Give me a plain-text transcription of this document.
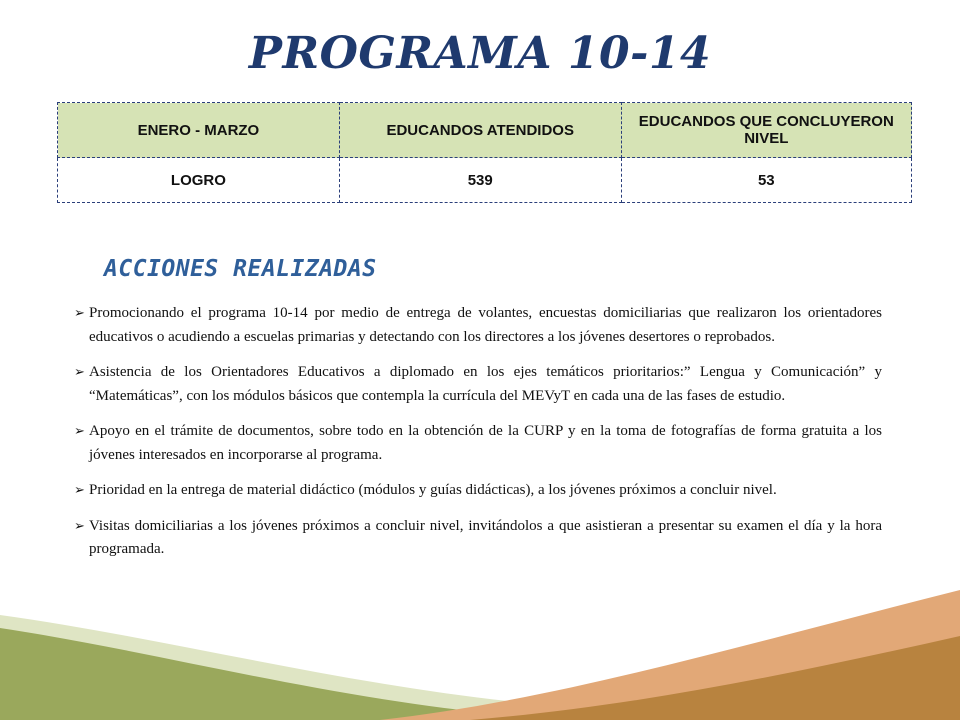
PROGRAMA 10-14
ENERO - MARZO	EDUCANDOS ATENDIDOS	EDUCANDOS QUE CONCLUYERON NIVEL
LOGRO	539	53
ACCIONES REALIZADAS
➢ Promocionando el programa 10-14 por medio de entrega de volantes, encuestas domiciliarias que realizaron los orientadores educativos o acudiendo a escuelas primarias y detectando con los directores a los jóvenes desertores o reprobados.
➢ Asistencia de los Orientadores Educativos a diplomado en los ejes temáticos prioritarios:” Lengua y Comunicación” y “Matemáticas”, con los módulos básicos que contempla la currícula del MEVyT en cada una de las fases de estudio.
➢ Apoyo en el trámite de documentos, sobre todo en la obtención de la CURP y en la toma de fotografías de forma gratuita a los jóvenes interesados en incorporarse al programa.
➢ Prioridad en la entrega de material didáctico (módulos y guías didácticas), a los jóvenes próximos a concluir nivel.
➢ Visitas domiciliarias a los jóvenes próximos a concluir nivel, invitándolos a que asistieran a presentar su examen el día y la hora programada.
